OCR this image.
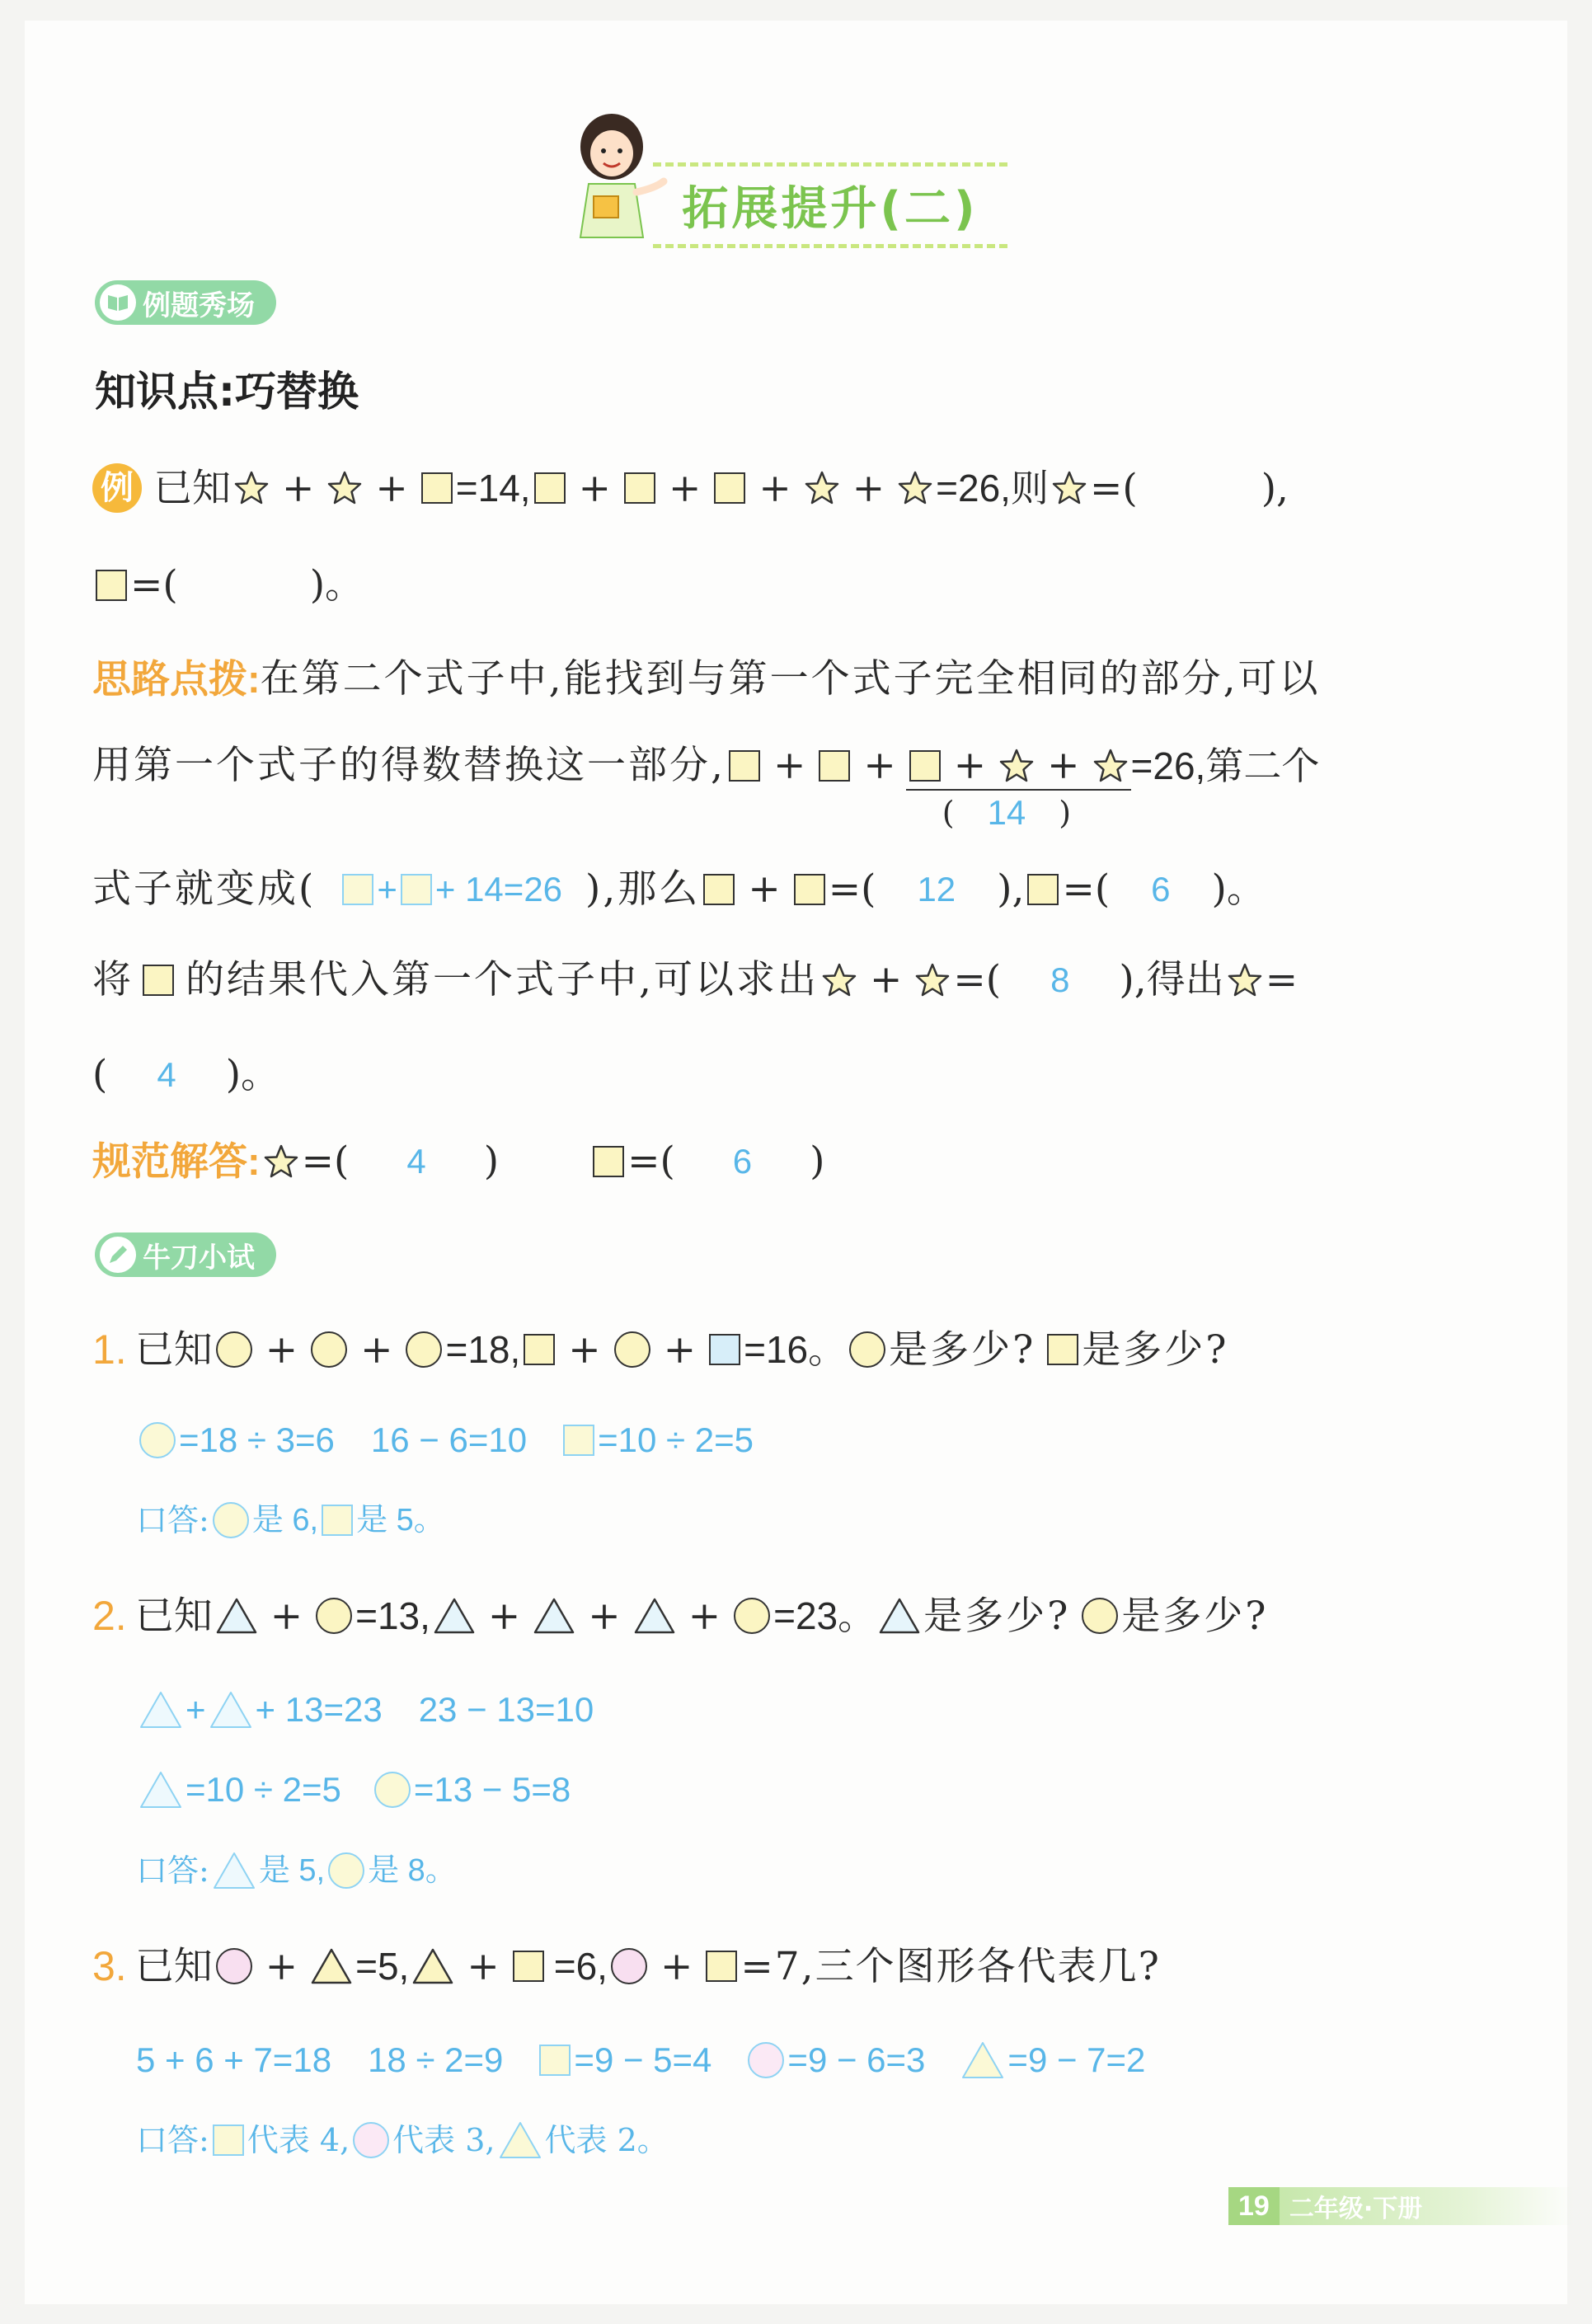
拓展提升(二)
例题秀场
知识点:巧替换
例 已知 + + =14, + + + + =26,则 =(	),
=(	)。
思路点拨: 在第二个式子中,能找到与第一个式子完全相同的部分,可以
用第一个式子的得数替换这一部分, + + + +
( 14 )
=26,第二个
式子就变成( + + 14=26 ),那么 + =( 12 ), =( 6 )。
将 的结果代入第一个式子中,可以求出 + =( 8 ),得出 =
( 4 )。
规范解答: =( 4 )	=( 6 )
牛刀小试
1. 已知 + + =18, + + =16。 是多少? 是多少?
=18 ÷ 3=6 16 − 6=10 =10 ÷ 2=5
口答: 是 6, 是 5。
2. 已知 + =13, + + + =23。 是多少? 是多少?
+ + 13=23 23 − 13=10
=10 ÷ 2=5 =13 − 5=8
口答: 是 5, 是 8。
3. 已知 + =5, + =6, + =7,三个图形各代表几?
5 + 6 + 7=18 18 ÷ 2=9 =9 − 5=4 =9 − 6=3 =9 − 7=2
口答: 代表 4, 代表 3, 代表 2。
19 二年级·下册
